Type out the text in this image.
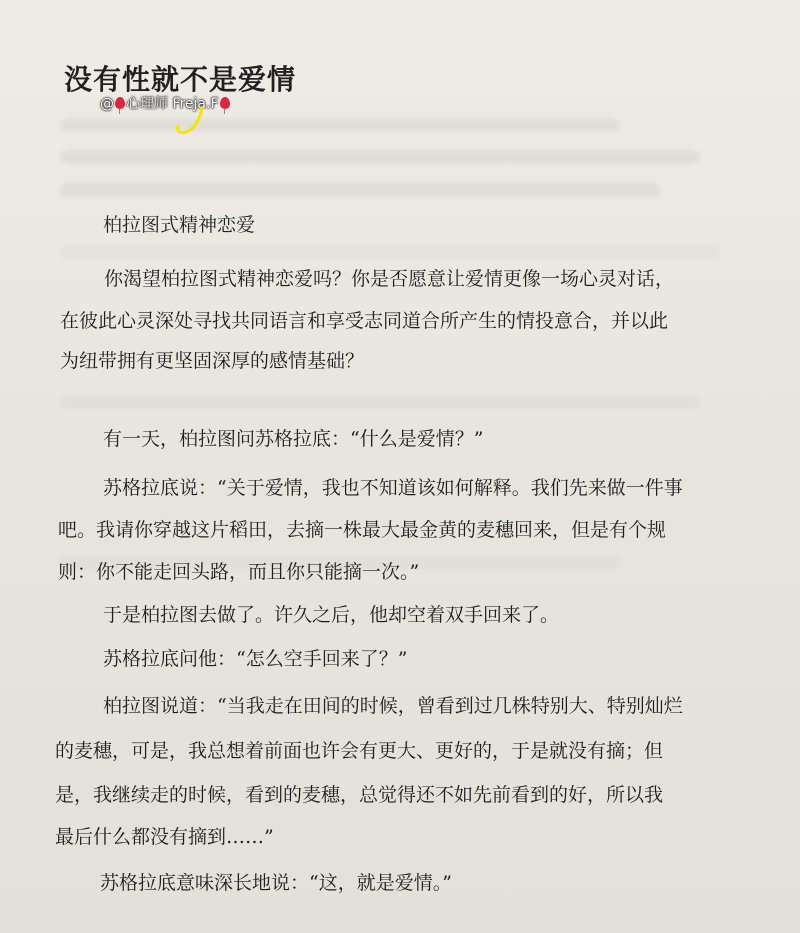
没有性就不是爱情
@ 心理师 Freja.F
柏拉图式精神恋爱
你渴望柏拉图式精神恋爱吗？你是否愿意让爱情更像一场心灵对话，
在彼此心灵深处寻找共同语言和享受志同道合所产生的情投意合，并以此
为纽带拥有更坚固深厚的感情基础？
有一天，柏拉图问苏格拉底：“什么是爱情？”
苏格拉底说：“关于爱情，我也不知道该如何解释。我们先来做一件事
吧。我请你穿越这片稻田，去摘一株最大最金黄的麦穗回来，但是有个规
则：你不能走回头路，而且你只能摘一次。”
于是柏拉图去做了。许久之后，他却空着双手回来了。
苏格拉底问他：“怎么空手回来了？”
柏拉图说道：“当我走在田间的时候，曾看到过几株特别大、特别灿烂
的麦穗，可是，我总想着前面也许会有更大、更好的，于是就没有摘；但
是，我继续走的时候，看到的麦穗，总觉得还不如先前看到的好，所以我
最后什么都没有摘到……”
苏格拉底意味深长地说：“这，就是爱情。”
